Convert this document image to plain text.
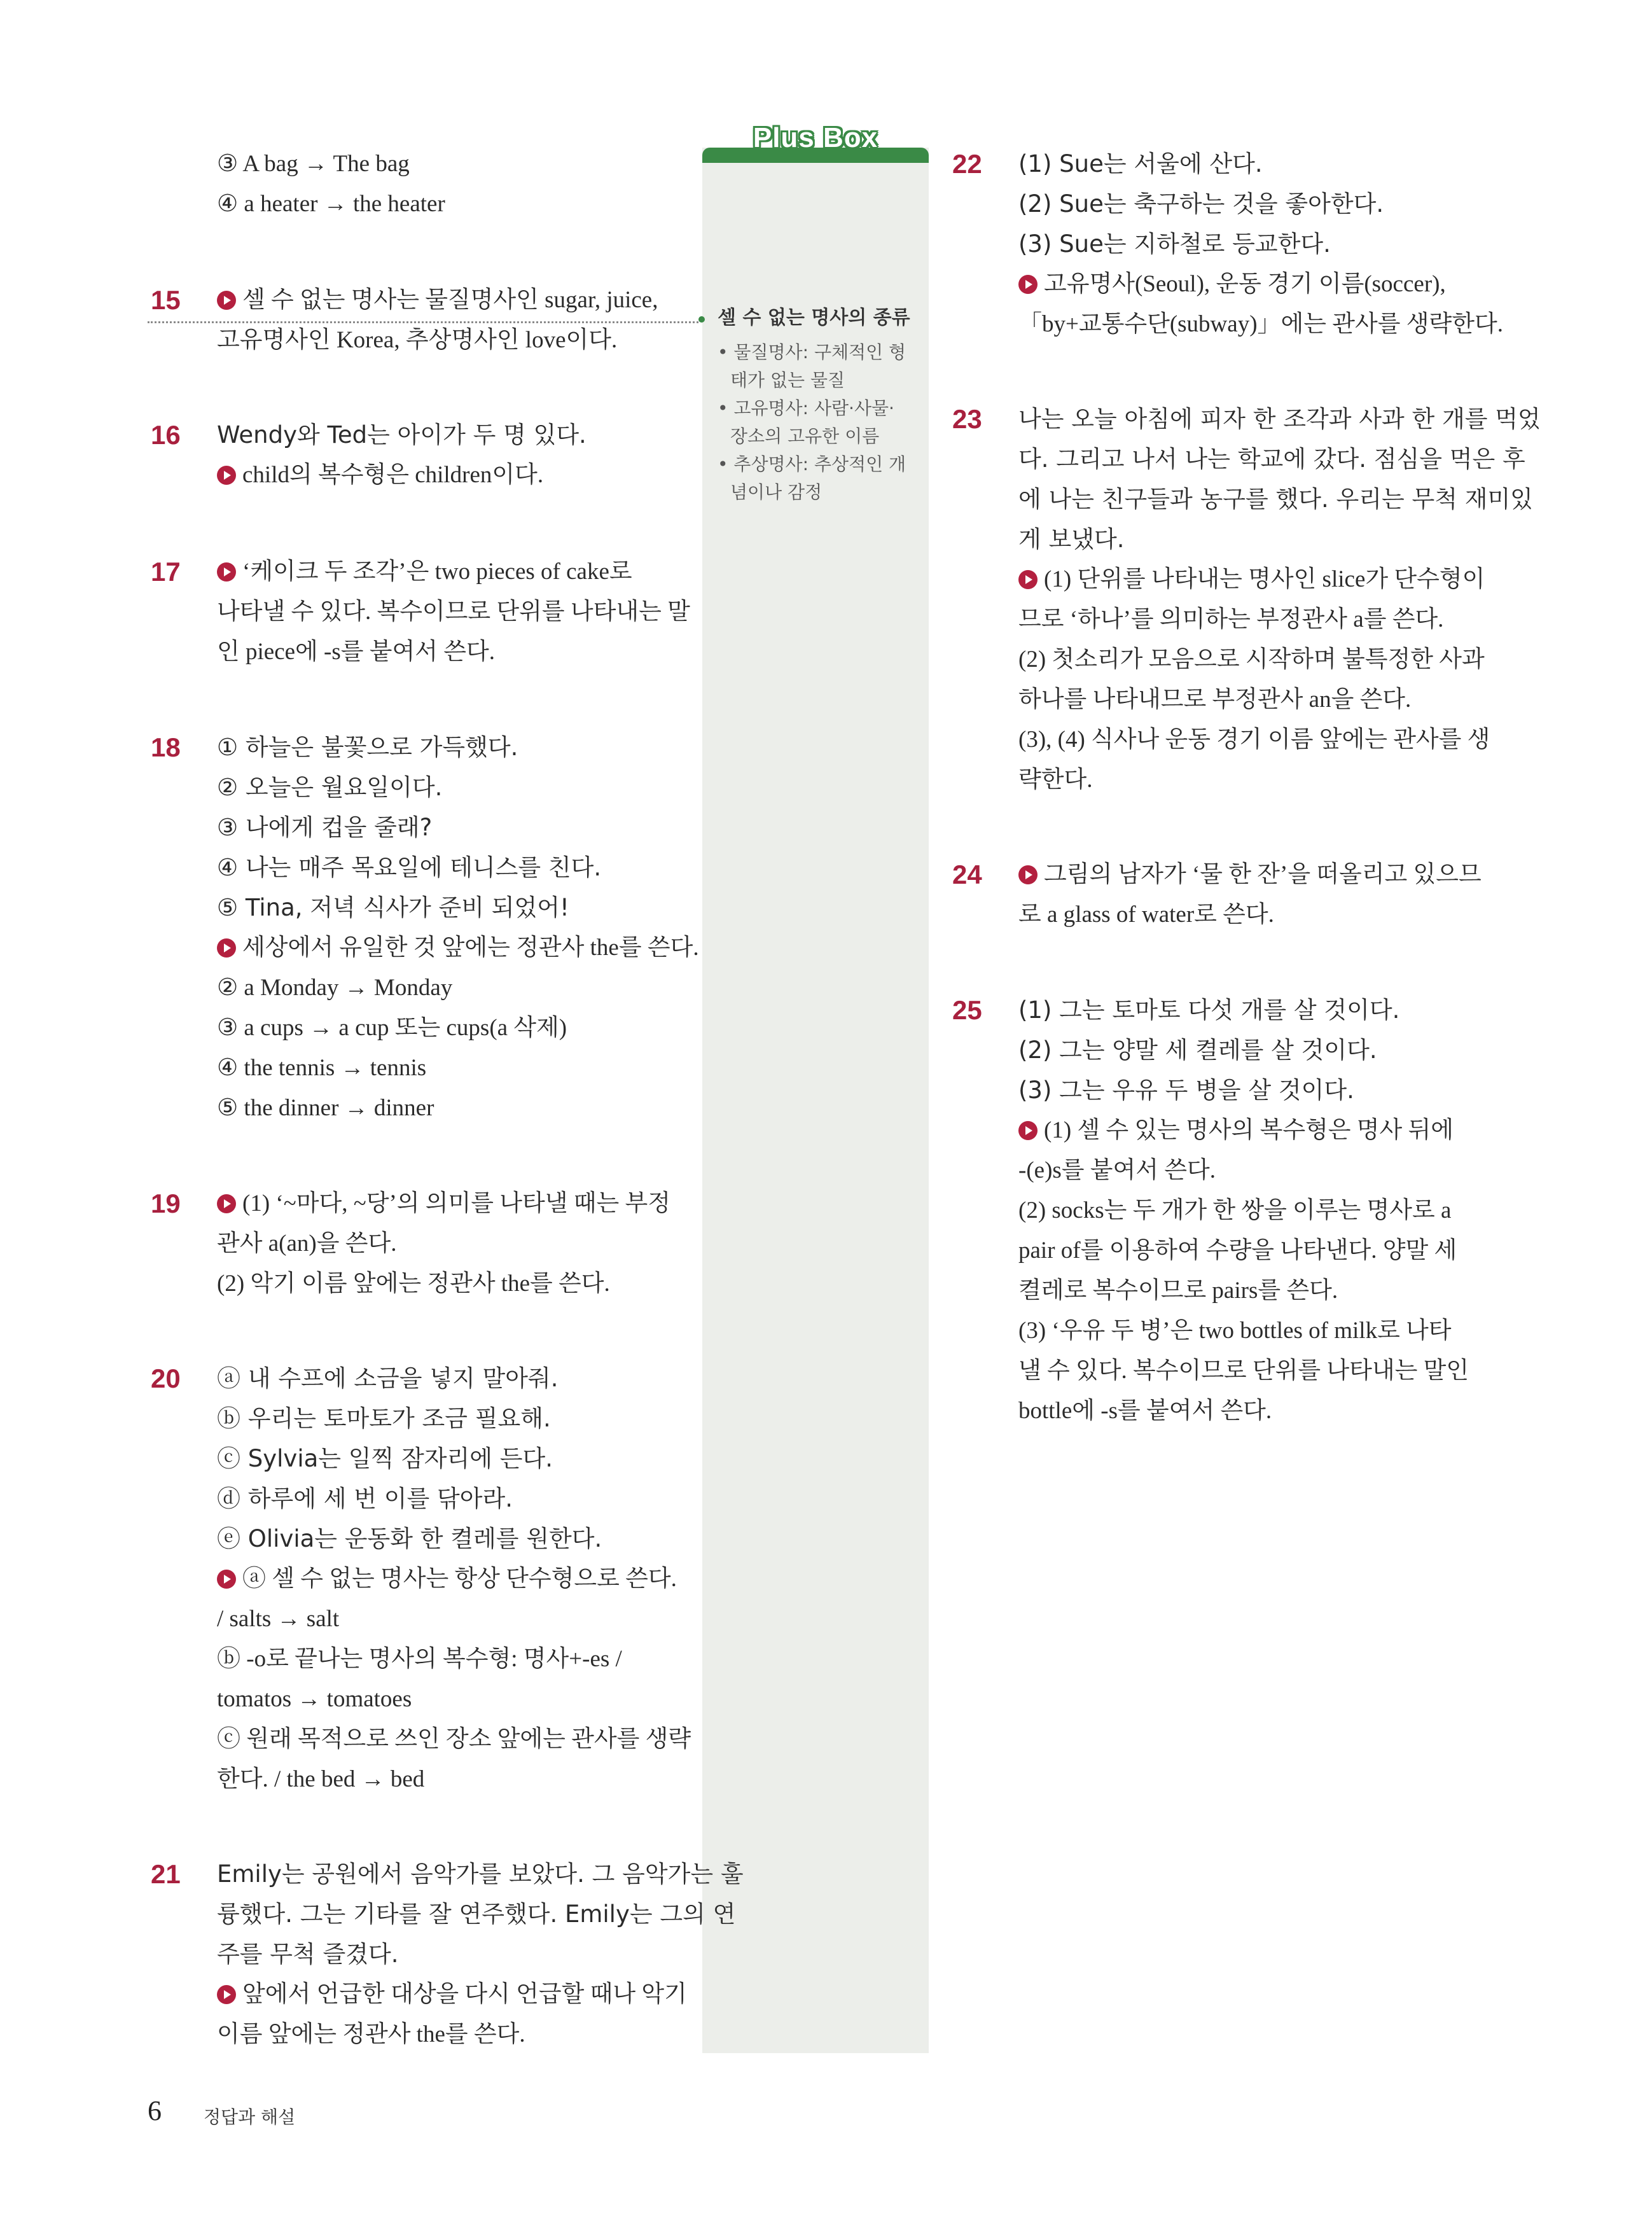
Plus Box
셀 수 없는 명사의 종류
• 물질명사: 구체적인 형
태가 없는 물질
• 고유명사: 사람·사물·
장소의 고유한 이름
• 추상명사: 추상적인 개
념이나 감정
③ A bag → The bag
④ a heater → the heater
15	셀 수 없는 명사는 물질명사인 sugar, juice,
고유명사인 Korea, 추상명사인 love이다.
16 Wendy와 Ted는 아이가 두 명 있다.
child의 복수형은 children이다.
17	‘케이크 두 조각’은 two pieces of cake로
나타낼 수 있다. 복수이므로 단위를 나타내는 말
인 piece에 -s를 붙여서 쓴다.
18 ① 하늘은 불꽃으로 가득했다.
② 오늘은 월요일이다.
③ 나에게 컵을 줄래?
④ 나는 매주 목요일에 테니스를 친다.
⑤ Tina, 저녁 식사가 준비 되었어!
세상에서 유일한 것 앞에는 정관사 the를 쓴다.
② a Monday → Monday
③ a cups → a cup 또는 cups(a 삭제)
④ the tennis → tennis
⑤ the dinner → dinner
19	(1) ‘~마다, ~당’의 의미를 나타낼 때는 부정
관사 a(an)을 쓴다.
(2) 악기 이름 앞에는 정관사 the를 쓴다.
20 ⓐ 내 수프에 소금을 넣지 말아줘.
ⓑ 우리는 토마토가 조금 필요해.
ⓒ Sylvia는 일찍 잠자리에 든다.
ⓓ 하루에 세 번 이를 닦아라.
ⓔ Olivia는 운동화 한 켤레를 원한다.
ⓐ 셀 수 없는 명사는 항상 단수형으로 쓴다.
/ salts → salt
ⓑ -o로 끝나는 명사의 복수형: 명사+-es /
tomatos → tomatoes
ⓒ 원래 목적으로 쓰인 장소 앞에는 관사를 생략
한다. / the bed → bed
21 Emily는 공원에서 음악가를 보았다. 그 음악가는 훌
륭했다. 그는 기타를 잘 연주했다. Emily는 그의 연
주를 무척 즐겼다.
앞에서 언급한 대상을 다시 언급할 때나 악기
이름 앞에는 정관사 the를 쓴다.
22 (1) Sue는 서울에 산다.
(2) Sue는 축구하는 것을 좋아한다.
(3) Sue는 지하철로 등교한다.
고유명사(Seoul), 운동 경기 이름(soccer),
「by+교통수단(subway)」에는 관사를 생략한다.
23 나는 오늘 아침에 피자 한 조각과 사과 한 개를 먹었
다. 그리고 나서 나는 학교에 갔다. 점심을 먹은 후
에 나는 친구들과 농구를 했다. 우리는 무척 재미있
게 보냈다.
(1) 단위를 나타내는 명사인 slice가 단수형이
므로 ‘하나’를 의미하는 부정관사 a를 쓴다.
(2) 첫소리가 모음으로 시작하며 불특정한 사과
하나를 나타내므로 부정관사 an을 쓴다.
(3), (4) 식사나 운동 경기 이름 앞에는 관사를 생
략한다.
24	그림의 남자가 ‘물 한 잔’을 떠올리고 있으므
로 a glass of water로 쓴다.
25 (1) 그는 토마토 다섯 개를 살 것이다.
(2) 그는 양말 세 켤레를 살 것이다.
(3) 그는 우유 두 병을 살 것이다.
(1) 셀 수 있는 명사의 복수형은 명사 뒤에
-(e)s를 붙여서 쓴다.
(2) socks는 두 개가 한 쌍을 이루는 명사로 a
pair of를 이용하여 수량을 나타낸다. 양말 세
켤레로 복수이므로 pairs를 쓴다.
(3) ‘우유 두 병’은 two bottles of milk로 나타
낼 수 있다. 복수이므로 단위를 나타내는 말인
bottle에 -s를 붙여서 쓴다.
6 정답과 해설
